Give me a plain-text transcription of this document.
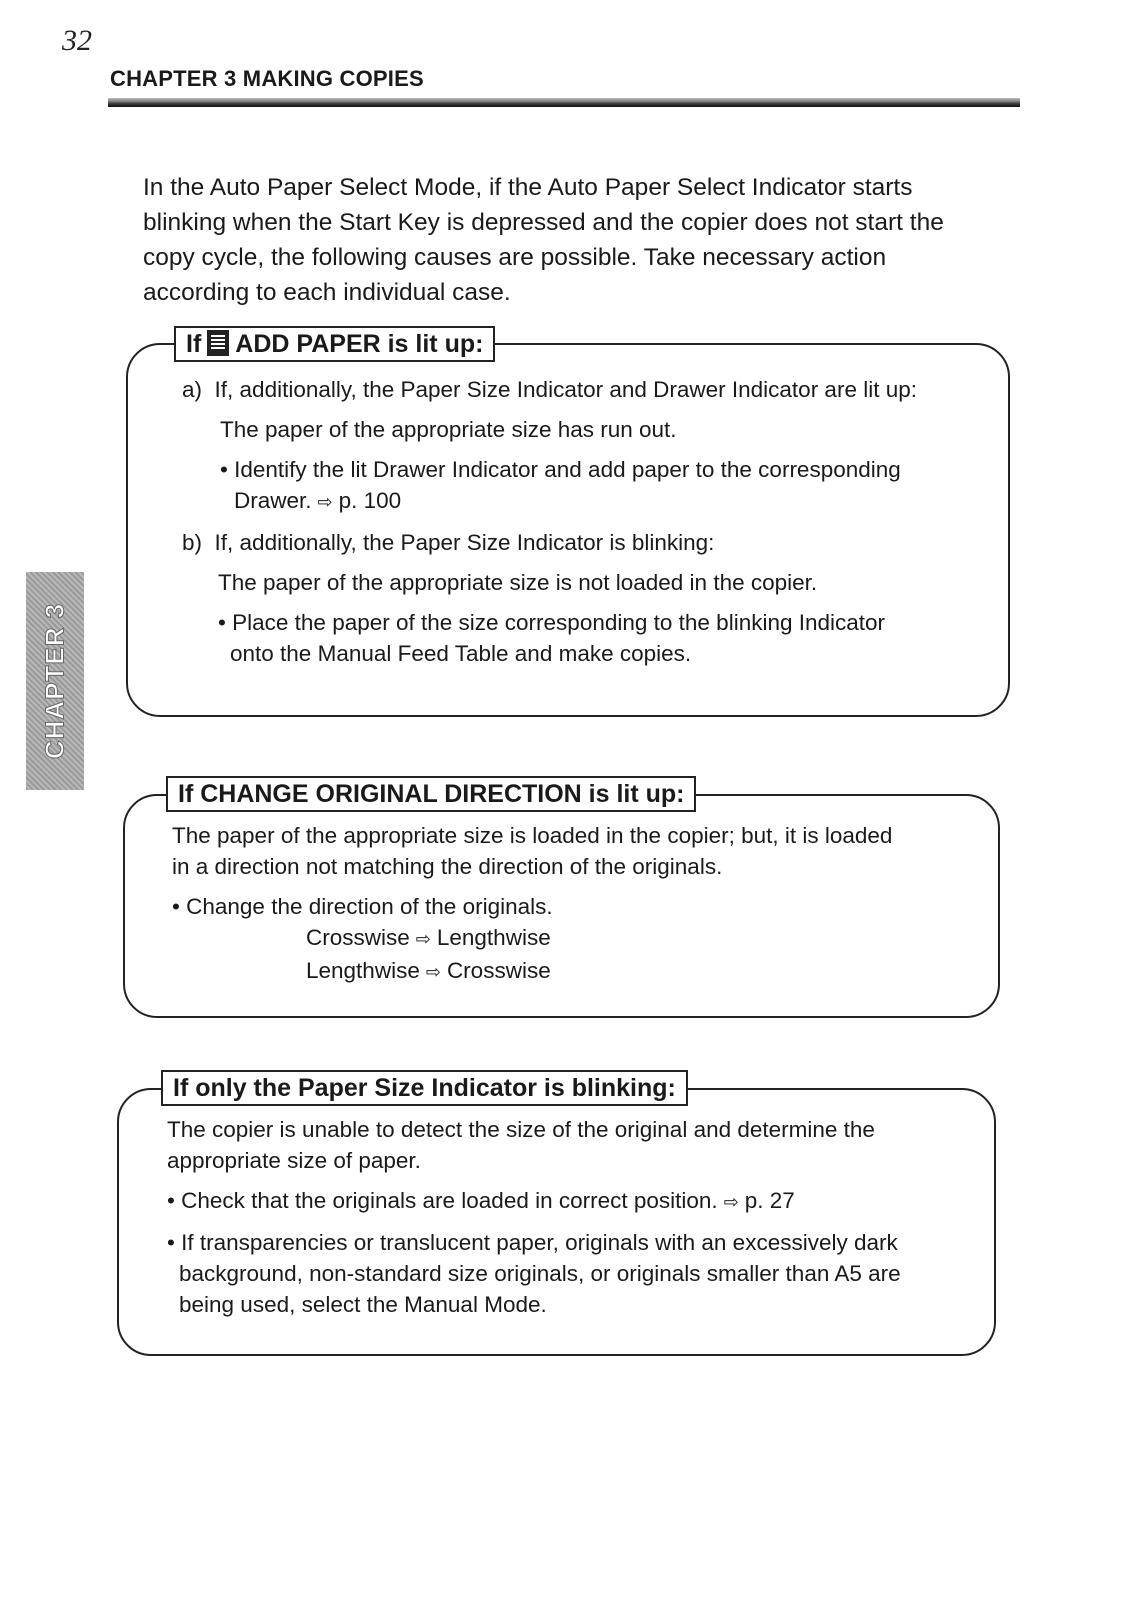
32
CHAPTER 3 MAKING COPIES
CHAPTER 3
In the Auto Paper Select Mode, if the Auto Paper Select Indicator starts blinking when the Start Key is depressed and the copier does not start the copy cycle, the following causes are possible. Take necessary action according to each individual case.
If ADD PAPER is lit up:
a) If, additionally, the Paper Size Indicator and Drawer Indicator are lit up:
The paper of the appropriate size has run out.
• Identify the lit Drawer Indicator and add paper to the corresponding
Drawer. ⇨ p. 100
b) If, additionally, the Paper Size Indicator is blinking:
The paper of the appropriate size is not loaded in the copier.
• Place the paper of the size corresponding to the blinking Indicator
onto the Manual Feed Table and make copies.
If CHANGE ORIGINAL DIRECTION is lit up:
The paper of the appropriate size is loaded in the copier; but, it is loaded
in a direction not matching the direction of the originals.
• Change the direction of the originals.
Crosswise ⇨ Lengthwise
Lengthwise ⇨ Crosswise
If only the Paper Size Indicator is blinking:
The copier is unable to detect the size of the original and determine the
appropriate size of paper.
• Check that the originals are loaded in correct position. ⇨ p. 27
• If transparencies or translucent paper, originals with an excessively dark
background, non-standard size originals, or originals smaller than A5 are
being used, select the Manual Mode.
